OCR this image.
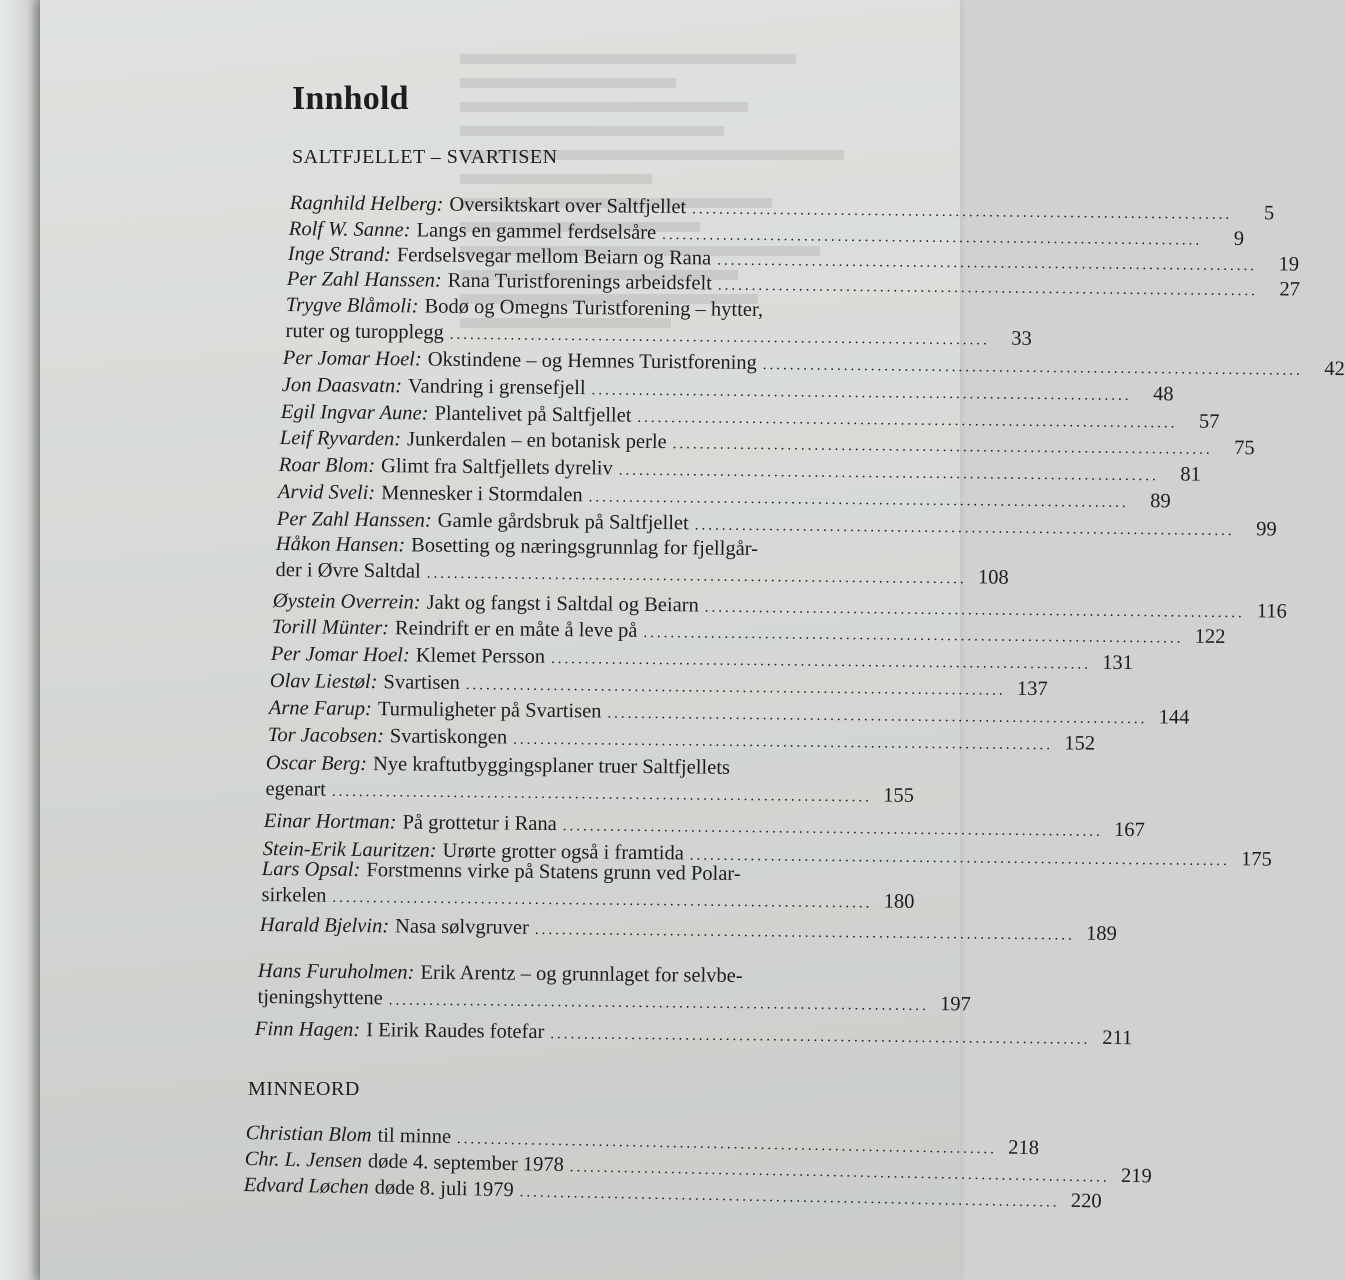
Innhold
SALTFJELLET – SVARTISEN
Ragnhild Helberg: Oversiktskart over Saltfjellet ................................................................................	5
Rolf W. Sanne: Langs en gammel ferdselsåre ................................................................................	9
Inge Strand: Ferdselsvegar mellom Beiarn og Rana ................................................................................	19
Per Zahl Hanssen: Rana Turistforenings arbeidsfelt ................................................................................	27
Trygve Blåmoli: Bodø og Omegns Turistforening – hytter,
ruter og turopplegg ................................................................................	33
Per Jomar Hoel: Okstindene – og Hemnes Turistforening ................................................................................	42
Jon Daasvatn: Vandring i grensefjell ................................................................................	48
Egil Ingvar Aune: Plantelivet på Saltfjellet ................................................................................	57
Leif Ryvarden: Junkerdalen – en botanisk perle ................................................................................	75
Roar Blom: Glimt fra Saltfjellets dyreliv ................................................................................	81
Arvid Sveli: Mennesker i Stormdalen ................................................................................	89
Per Zahl Hanssen: Gamle gårdsbruk på Saltfjellet ................................................................................	99
Håkon Hansen: Bosetting og næringsgrunnlag for fjellgår-
der i Øvre Saltdal ................................................................................ 108
Øystein Overrein: Jakt og fangst i Saltdal og Beiarn ................................................................................ 116
Torill Münter: Reindrift er en måte å leve på ................................................................................ 122
Per Jomar Hoel: Klemet Persson ................................................................................ 131
Olav Liestøl: Svartisen ................................................................................ 137
Arne Farup: Turmuligheter på Svartisen ................................................................................ 144
Tor Jacobsen: Svartiskongen ................................................................................ 152
Oscar Berg: Nye kraftutbyggingsplaner truer Saltfjellets
egenart ................................................................................ 155
Einar Hortman: På grottetur i Rana ................................................................................ 167
Stein-Erik Lauritzen: Urørte grotter også i framtida ................................................................................ 175
Lars Opsal: Forstmenns virke på Statens grunn ved Polar-
sirkelen ................................................................................ 180
Harald Bjelvin: Nasa sølvgruver ................................................................................ 189
Hans Furuholmen: Erik Arentz – og grunnlaget for selvbe-
tjeningshyttene ................................................................................ 197
Finn Hagen: I Eirik Raudes fotefar ................................................................................ 211
MINNEORD
Christian Blom til minne ................................................................................ 218
Chr. L. Jensen døde 4. september 1978 ................................................................................ 219
Edvard Løchen døde 8. juli 1979 ................................................................................ 220
